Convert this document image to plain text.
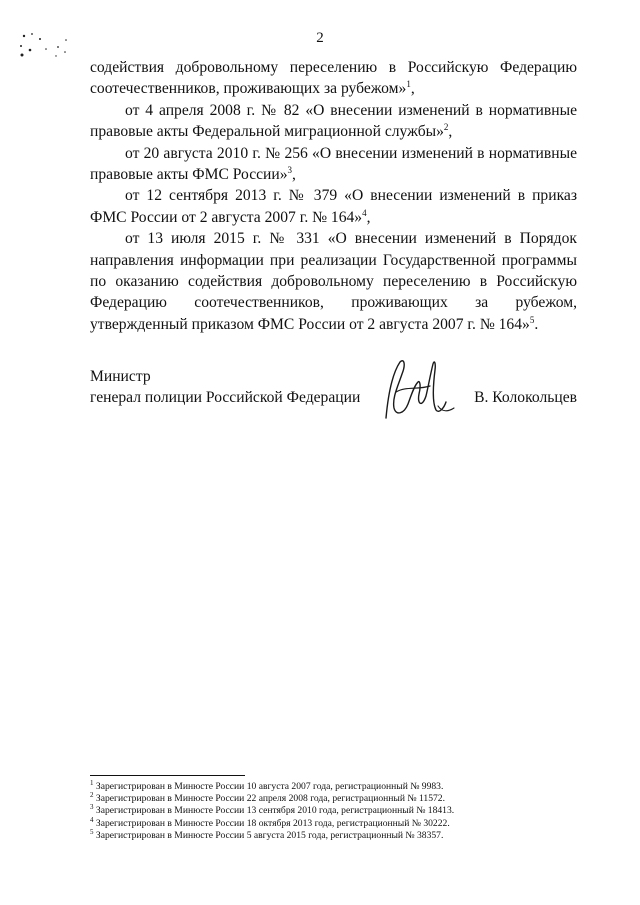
2

содействия добровольному переселению в Российскую Федерацию соотечественников, проживающих за рубежом»$^1$,

от 4 апреля 2008 г. № 82 «О внесении изменений в нормативные правовые акты Федеральной миграционной службы»$^2$,

от 20 августа 2010 г. № 256 «О внесении изменений в нормативные правовые акты ФМС России»$^3$,

от 12 сентября 2013 г. № 379 «О внесении изменений в приказ ФМС России от 2 августа 2007 г. № 164»$^4$,

от 13 июля 2015 г. № 331 «О внесении изменений в Порядок направления информации при реализации Государственной программы по оказанию содействия добровольному переселению в Российскую Федерацию соотечественников, проживающих за рубежом, утвержденный приказом ФМС России от 2 августа 2007 г. № 164»$^5$.

Министр
генерал полиции Российской Федерации	В. Колокольцев
$^1$ Зарегистрирован в Минюсте России 10 августа 2007 года, регистрационный № 9983.
$^2$ Зарегистрирован в Минюсте России 22 апреля 2008 года, регистрационный № 11572.
$^3$ Зарегистрирован в Минюсте России 13 сентября 2010 года, регистрационный № 18413.
$^4$ Зарегистрирован в Минюсте России 18 октября 2013 года, регистрационный № 30222.
$^5$ Зарегистрирован в Минюсте России 5 августа 2015 года, регистрационный № 38357.
